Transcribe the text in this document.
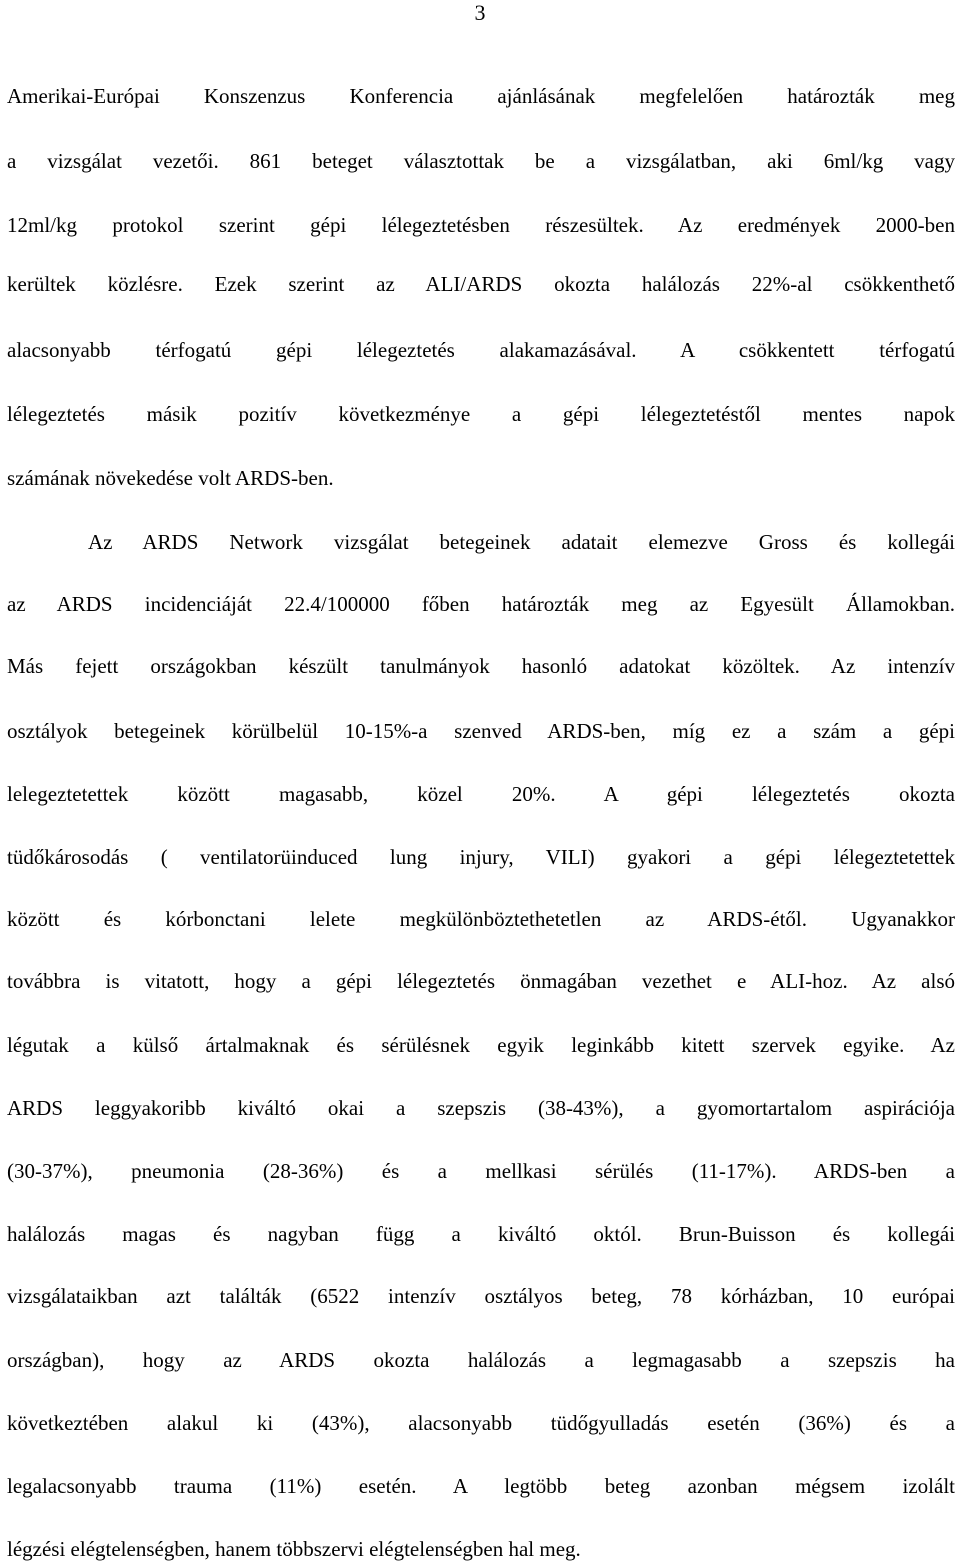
3
Amerikai-Európai Konszenzus Konferencia ajánlásának megfelelően határozták meg
a vizsgálat vezetői. 861 beteget választottak be a vizsgálatban, aki 6ml/kg vagy
12ml/kg protokol szerint gépi lélegeztetésben részesültek. Az eredmények 2000-ben
kerültek közlésre. Ezek szerint az ALI/ARDS okozta halálozás 22%-al csökkenthető
alacsonyabb térfogatú gépi lélegeztetés alakamazásával. A csökkentett térfogatú
lélegeztetés másik pozitív következménye a gépi lélegeztetéstől mentes napok
számának növekedése volt ARDS-ben.
Az ARDS Network vizsgálat betegeinek adatait elemezve Gross és kollegái
az ARDS incidenciáját 22.4/100000 főben határozták meg az Egyesült Államokban.
Más fejett országokban készült tanulmányok hasonló adatokat közöltek. Az intenzív
osztályok betegeinek körülbelül 10-15%-a szenved ARDS-ben, míg ez a szám a gépi
lelegeztetettek között magasabb, közel 20%. A gépi lélegeztetés okozta
tüdőkárosodás ( ventilatorüinduced lung injury, VILI) gyakori a gépi lélegeztetettek
között és kórbonctani lelete megkülönböztethetetlen az ARDS-étől. Ugyanakkor
továbbra is vitatott, hogy a gépi lélegeztetés önmagában vezethet e ALI-hoz. Az alsó
légutak a külső ártalmaknak és sérülésnek egyik leginkább kitett szervek egyike. Az
ARDS leggyakoribb kiváltó okai a szepszis (38-43%), a gyomortartalom aspirációja
(30-37%), pneumonia (28-36%) és a mellkasi sérülés (11-17%). ARDS-ben a
halálozás magas és nagyban függ a kiváltó októl. Brun-Buisson és kollegái
vizsgálataikban azt találták (6522 intenzív osztályos beteg, 78 kórházban, 10 európai
országban), hogy az ARDS okozta halálozás a legmagasabb a szepszis ha
következtében alakul ki (43%), alacsonyabb tüdőgyulladás esetén (36%) és a
legalacsonyabb trauma (11%) esetén. A legtöbb beteg azonban mégsem izolált
légzési elégtelenségben, hanem többszervi elégtelenségben hal meg.
